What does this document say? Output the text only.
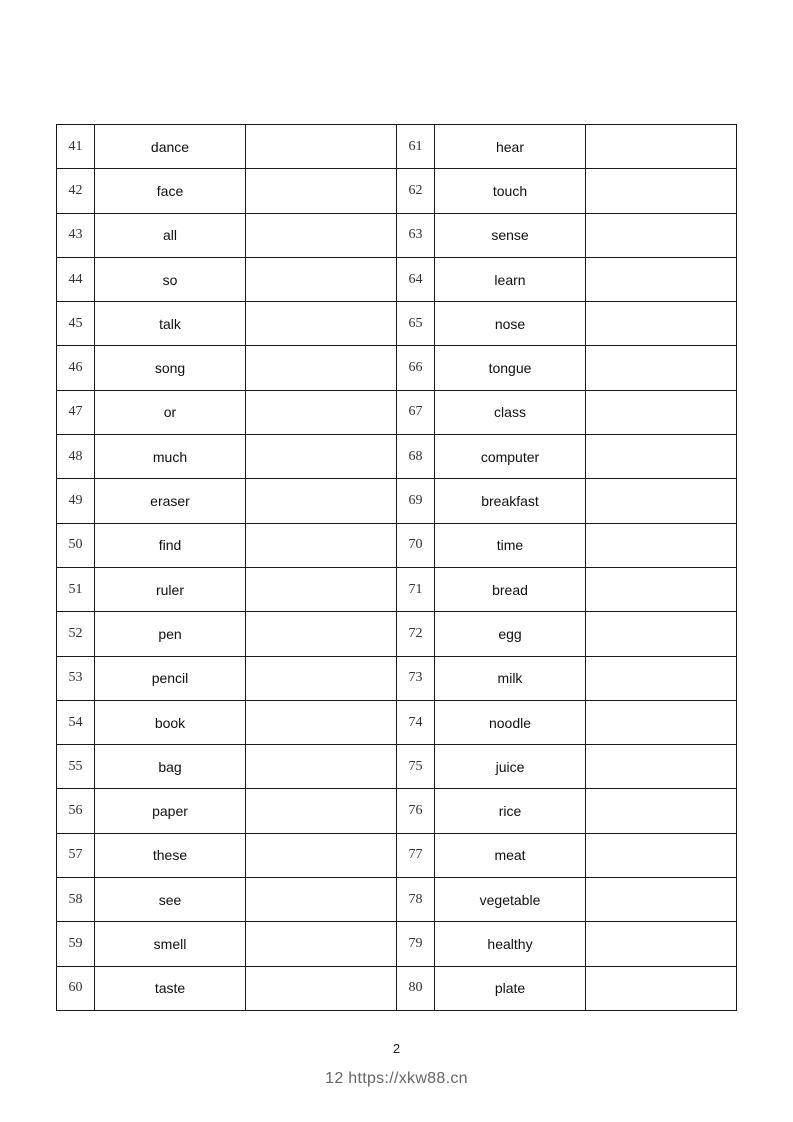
41	dance		61	hear	
42	face		62	touch	
43	all		63	sense	
44	so		64	learn	
45	talk		65	nose	
46	song		66	tongue	
47	or		67	class	
48	much		68	computer	
49	eraser		69	breakfast	
50	find		70	time	
51	ruler		71	bread	
52	pen		72	egg	
53	pencil		73	milk	
54	book		74	noodle	
55	bag		75	juice	
56	paper		76	rice	
57	these		77	meat	
58	see		78	vegetable	
59	smell		79	healthy	
60	taste		80	plate	
2
12 https://xkw88.cn
